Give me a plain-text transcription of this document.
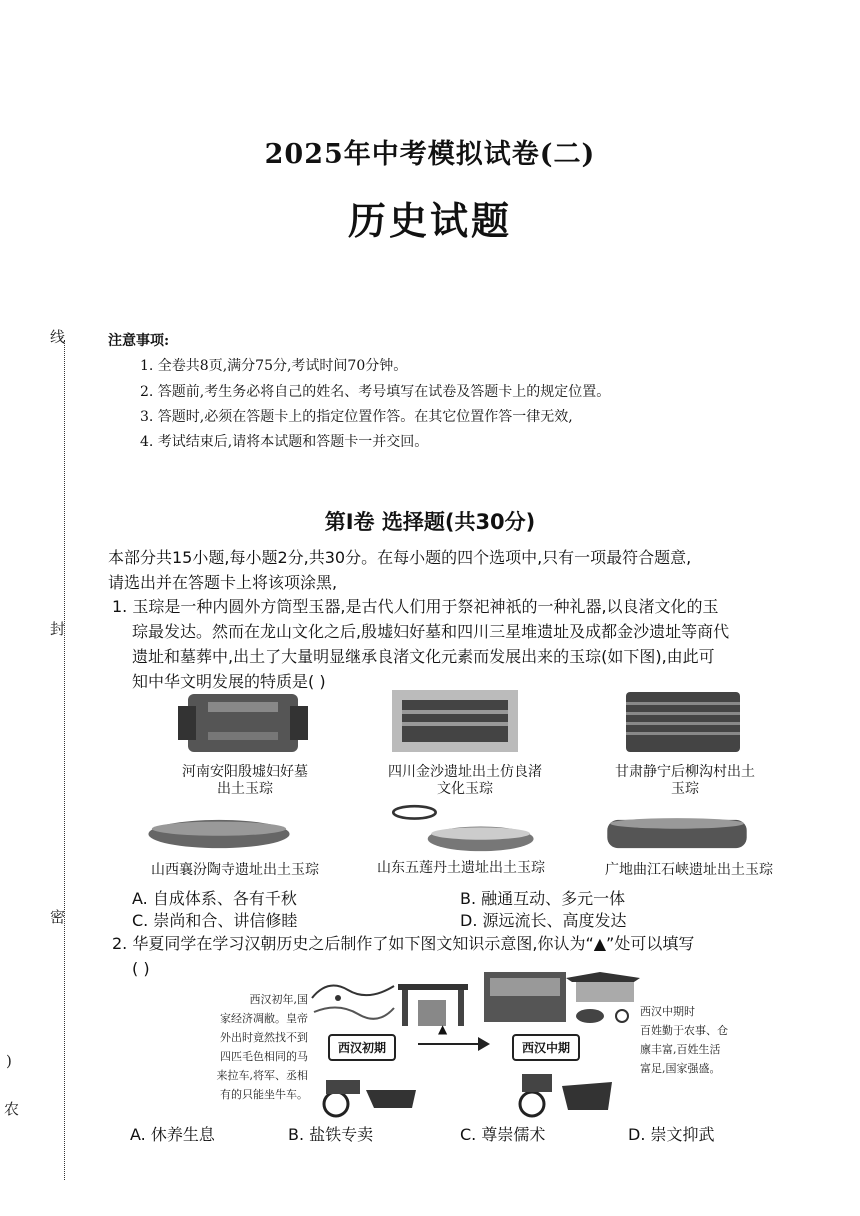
2025年中考模拟试卷(二)
历史试题
线
封
密
)
农
注意事项:
1. 全卷共8页,满分75分,考试时间70分钟。
2. 答题前,考生务必将自己的姓名、考号填写在试卷及答题卡上的规定位置。
3. 答题时,必须在答题卡上的指定位置作答。在其它位置作答一律无效,
4. 考试结束后,请将本试题和答题卡一并交回。
第Ⅰ卷 选择题(共30分)
本部分共15小题,每小题2分,共30分。在每小题的四个选项中,只有一项最符合题意,
请选出并在答题卡上将该项涂黑,
1. 玉琮是一种内圆外方筒型玉器,是古代人们用于祭祀神祇的一种礼器,以良渚文化的玉
琮最发达。然而在龙山文化之后,殷墟妇好墓和四川三星堆遗址及成都金沙遗址等商代
遗址和墓葬中,出土了大量明显继承良渚文化元素而发展出来的玉琮(如下图),由此可
知中华文明发展的特质是( )
河南安阳殷墟妇好墓
出土玉琮
四川金沙遗址出土仿良渚
文化玉琮
甘肃静宁后柳沟村出土
玉琮
山西襄汾陶寺遗址出土玉琮	山东五莲丹土遗址出土玉琮	广地曲江石峡遗址出土玉琮
A. 自成体系、各有千秋	B. 融通互动、多元一体
C. 崇尚和合、讲信修睦	D. 源远流长、高度发达
2. 华夏同学在学习汉朝历史之后制作了如下图文知识示意图,你认为“▲”处可以填写
( )
西汉初年,国
家经济凋敝。皇帝
外出时竟然找不到
四匹毛色相同的马
来拉车,将军、丞相
有的只能坐牛车。
西汉初期
▲
西汉中期
西汉中期时
百姓勤于农事、仓
廪丰富,百姓生活
富足,国家强盛。
A. 休养生息	B. 盐铁专卖	C. 尊崇儒术	D. 崇文抑武
